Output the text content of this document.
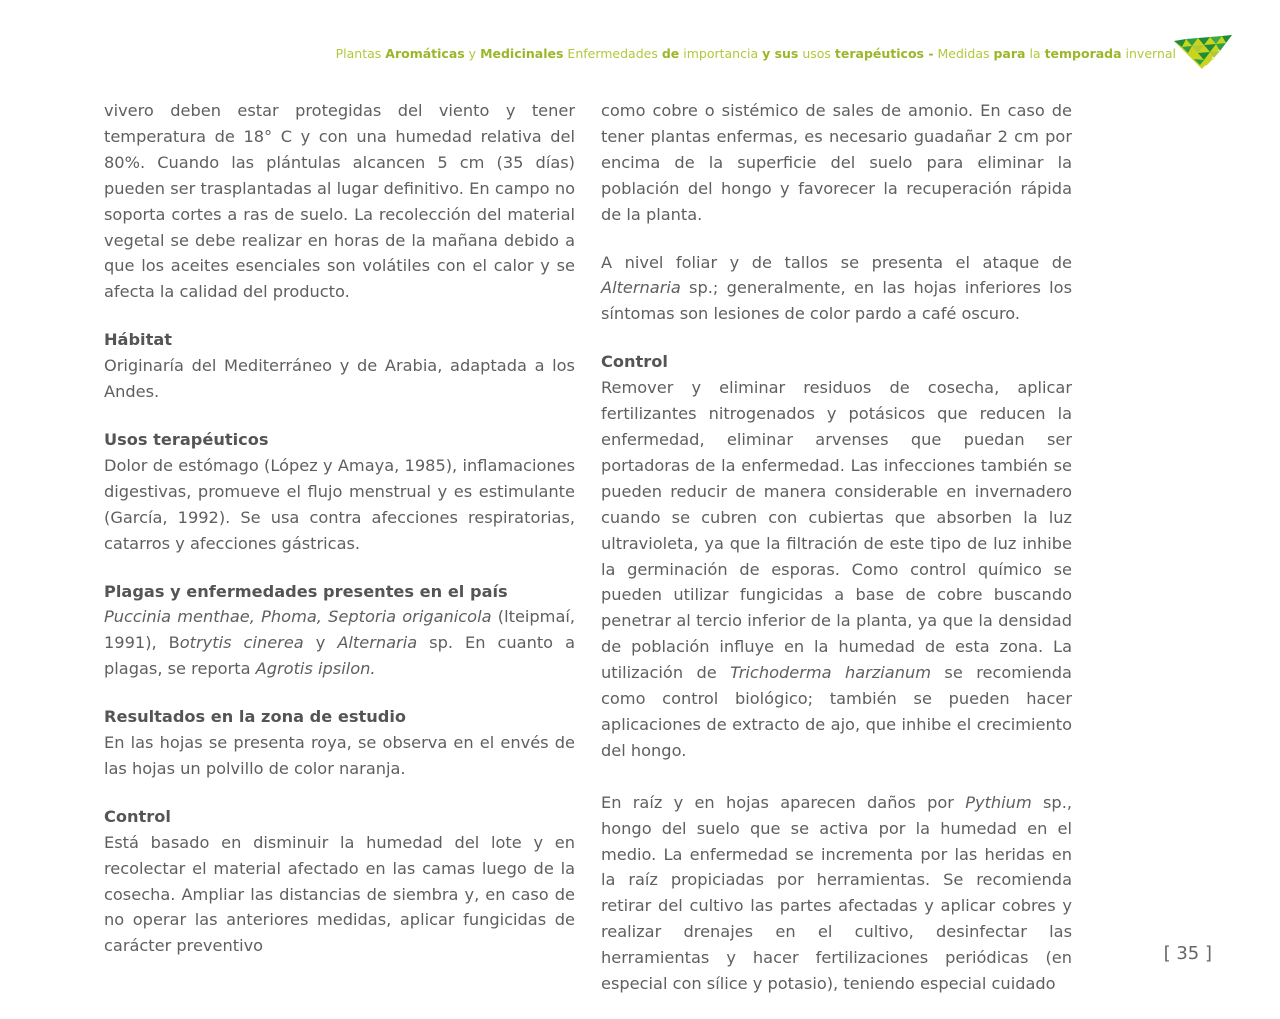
Plantas Aromáticas y Medicinales Enfermedades de importancia y sus usos terapéuticos - Medidas para la temporada invernal

vivero deben estar protegidas del viento y tener temperatura de 18° C y con una humedad relativa del 80%. Cuando las plántulas alcancen 5 cm (35 días) pueden ser trasplantadas al lugar definitivo. En campo no soporta cortes a ras de suelo. La recolección del material vegetal se debe realizar en horas de la mañana debido a que los aceites esenciales son volátiles con el calor y se afecta la calidad del producto.

Hábitat

Originaría del Mediterráneo y de Arabia, adaptada a los Andes.

Usos terapéuticos

Dolor de estómago (López y Amaya, 1985), inflamaciones digestivas, promueve el flujo menstrual y es estimulante (García, 1992). Se usa contra afecciones respiratorias, catarros y afecciones gástricas.

Plagas y enfermedades presentes en el país

Puccinia menthae, Phoma, Septoria origanicola (lteipmaí, 1991), Botrytis cinerea y Alternaria sp. En cuanto a plagas, se reporta Agrotis ipsilon.

Resultados en la zona de estudio

En las hojas se presenta roya, se observa en el envés de las hojas un polvillo de color naranja.

Control

Está basado en disminuir la humedad del lote y en recolectar el material afectado en las camas luego de la cosecha. Ampliar las distancias de siembra y, en caso de no operar las anteriores medidas, aplicar fungicidas de carácter preventivo

como cobre o sistémico de sales de amonio. En caso de tener plantas enfermas, es necesario guadañar 2 cm por encima de la superficie del suelo para eliminar la población del hongo y favorecer la recuperación rápida de la planta.

A nivel foliar y de tallos se presenta el ataque de Alternaria sp.; generalmente, en las hojas inferiores los síntomas son lesiones de color pardo a café oscuro.

Control

Remover y eliminar residuos de cosecha, aplicar fertilizantes nitrogenados y potásicos que reducen la enfermedad, eliminar arvenses que puedan ser portadoras de la enfermedad. Las infecciones también se pueden reducir de manera considerable en invernadero cuando se cubren con cubiertas que absorben la luz ultravioleta, ya que la filtración de este tipo de luz inhibe la germinación de esporas. Como control químico se pueden utilizar fungicidas a base de cobre buscando penetrar al tercio inferior de la planta, ya que la densidad de población influye en la humedad de esta zona. La utilización de Trichoderma harzianum se recomienda como control biológico; también se pueden hacer aplicaciones de extracto de ajo, que inhibe el crecimiento del hongo.

En raíz y en hojas aparecen daños por Pythium sp., hongo del suelo que se activa por la humedad en el medio. La enfermedad se incrementa por las heridas en la raíz propiciadas por herramientas. Se recomienda retirar del cultivo las partes afectadas y aplicar cobres y realizar drenajes en el cultivo, desinfectar las herramientas y hacer fertilizaciones periódicas (en especial con sílice y potasio), teniendo especial cuidado

[ 35 ]
